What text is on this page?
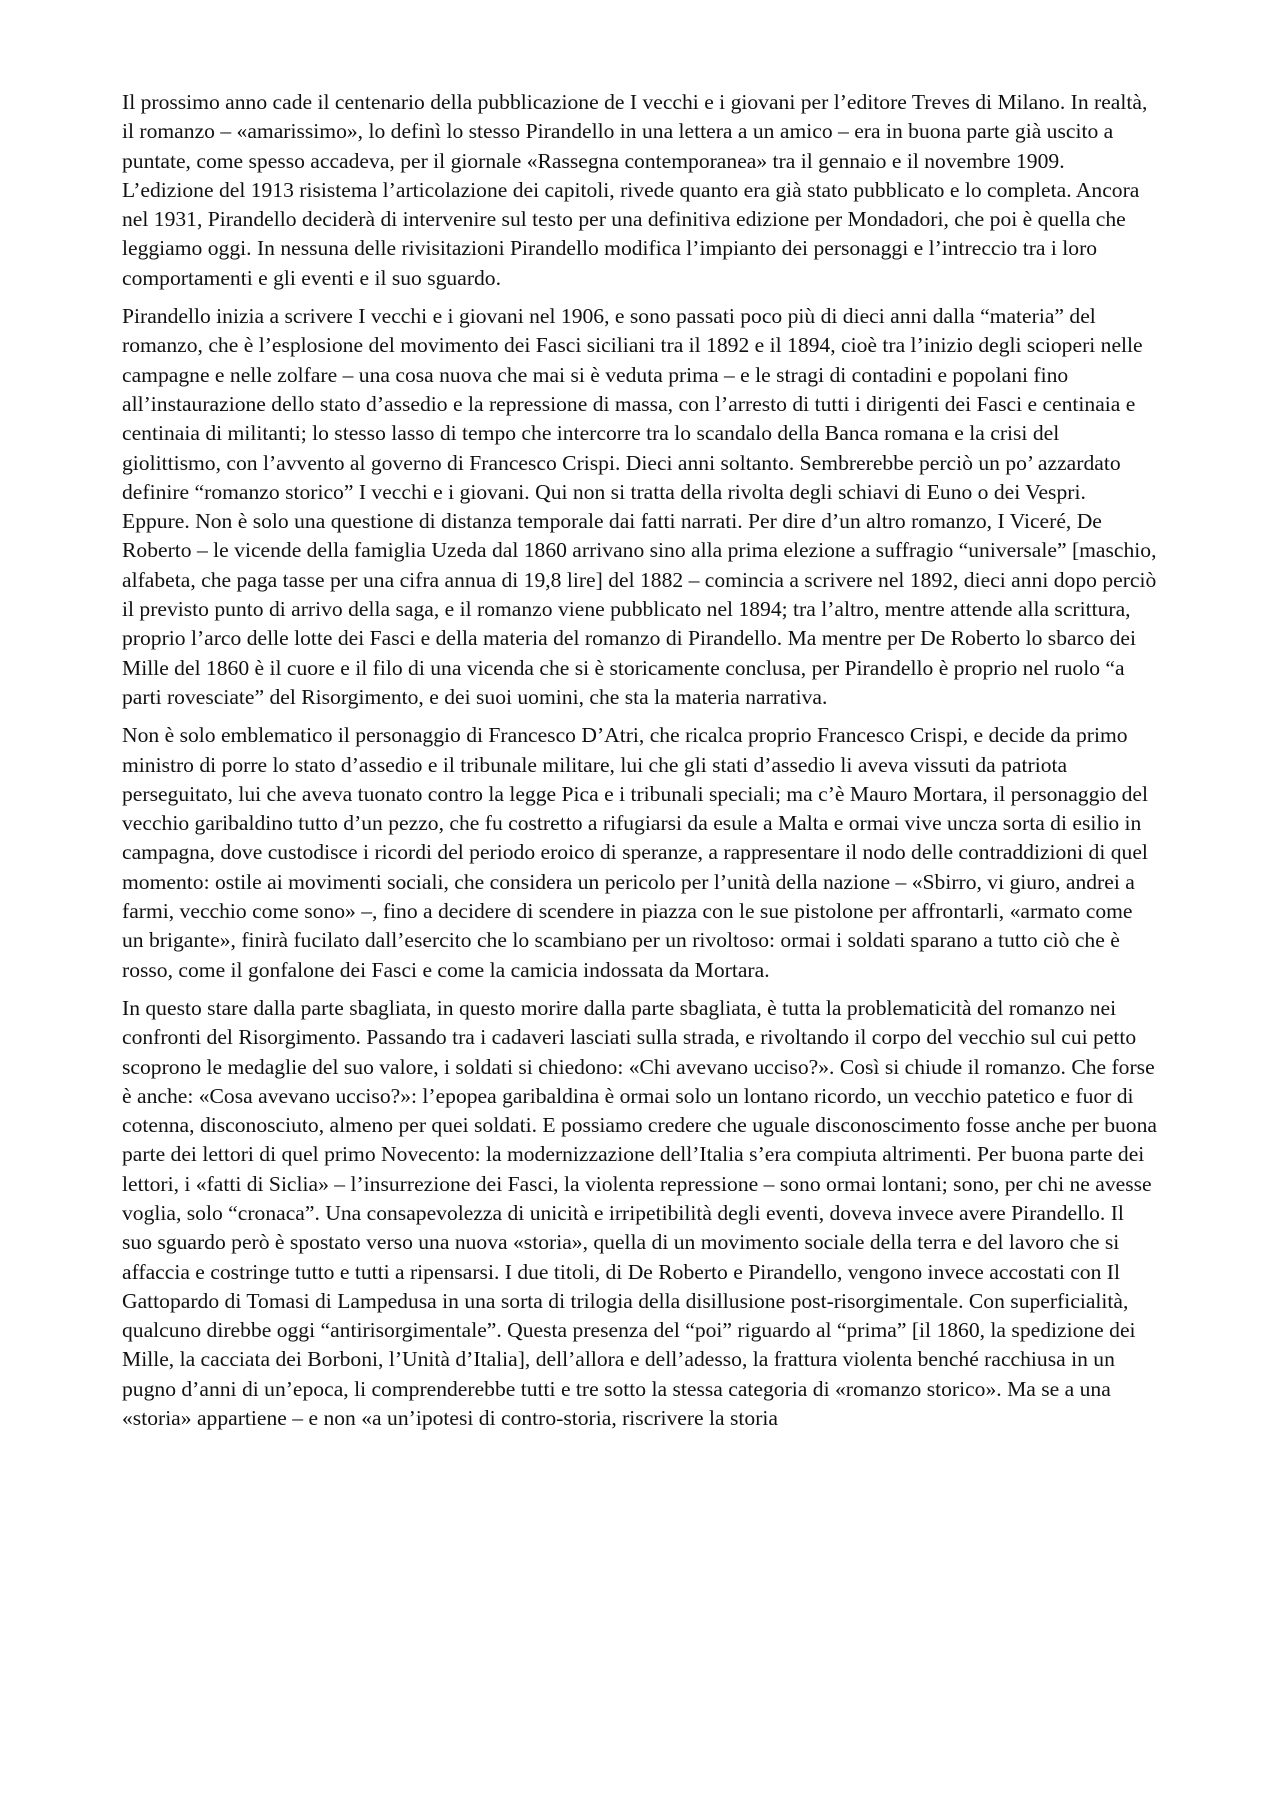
Il prossimo anno cade il centenario della pubblicazione de I vecchi e i giovani per l’editore Treves di Milano. In realtà, il romanzo – «amarissimo», lo definì lo stesso Pirandello in una lettera a un amico – era in buona parte già uscito a puntate, come spesso accadeva, per il giornale «Rassegna contemporanea» tra il gennaio e il novembre 1909. L’edizione del 1913 risistema l’articolazione dei capitoli, rivede quanto era già stato pubblicato e lo completa. Ancora nel 1931, Pirandello deciderà di intervenire sul testo per una definitiva edizione per Mondadori, che poi è quella che leggiamo oggi. In nessuna delle rivisitazioni Pirandello modifica l’impianto dei personaggi e l’intreccio tra i loro comportamenti e gli eventi e il suo sguardo.

Pirandello inizia a scrivere I vecchi e i giovani nel 1906, e sono passati poco più di dieci anni dalla “materia” del romanzo, che è l’esplosione del movimento dei Fasci siciliani tra il 1892 e il 1894, cioè tra l’inizio degli scioperi nelle campagne e nelle zolfare – una cosa nuova che mai si è veduta prima – e le stragi di contadini e popolani fino all’instaurazione dello stato d’assedio e la repressione di massa, con l’arresto di tutti i dirigenti dei Fasci e centinaia e centinaia di militanti; lo stesso lasso di tempo che intercorre tra lo scandalo della Banca romana e la crisi del giolittismo, con l’avvento al governo di Francesco Crispi. Dieci anni soltanto. Sembrerebbe perciò un po’ azzardato definire “romanzo storico” I vecchi e i giovani. Qui non si tratta della rivolta degli schiavi di Euno o dei Vespri. Eppure. Non è solo una questione di distanza temporale dai fatti narrati. Per dire d’un altro romanzo, I Viceré, De Roberto – le vicende della famiglia Uzeda dal 1860 arrivano sino alla prima elezione a suffragio “universale” [maschio, alfabeta, che paga tasse per una cifra annua di 19,8 lire] del 1882 – comincia a scrivere nel 1892, dieci anni dopo perciò il previsto punto di arrivo della saga, e il romanzo viene pubblicato nel 1894; tra l’altro, mentre attende alla scrittura, proprio l’arco delle lotte dei Fasci e della materia del romanzo di Pirandello. Ma mentre per De Roberto lo sbarco dei Mille del 1860 è il cuore e il filo di una vicenda che si è storicamente conclusa, per Pirandello è proprio nel ruolo “a parti rovesciate” del Risorgimento, e dei suoi uomini, che sta la materia narrativa.

Non è solo emblematico il personaggio di Francesco D’Atri, che ricalca proprio Francesco Crispi, e decide da primo ministro di porre lo stato d’assedio e il tribunale militare, lui che gli stati d’assedio li aveva vissuti da patriota perseguitato, lui che aveva tuonato contro la legge Pica e i tribunali speciali; ma c’è Mauro Mortara, il personaggio del vecchio garibaldino tutto d’un pezzo, che fu costretto a rifugiarsi da esule a Malta e ormai vive uncza sorta di esilio in campagna, dove custodisce i ricordi del periodo eroico di speranze, a rappresentare il nodo delle contraddizioni di quel momento: ostile ai movimenti sociali, che considera un pericolo per l’unità della nazione – «Sbirro, vi giuro, andrei a farmi, vecchio come sono» –, fino a decidere di scendere in piazza con le sue pistolone per affrontarli, «armato come un brigante», finirà fucilato dall’esercito che lo scambiano per un rivoltoso: ormai i soldati sparano a tutto ciò che è rosso, come il gonfalone dei Fasci e come la camicia indossata da Mortara.

In questo stare dalla parte sbagliata, in questo morire dalla parte sbagliata, è tutta la problematicità del romanzo nei confronti del Risorgimento. Passando tra i cadaveri lasciati sulla strada, e rivoltando il corpo del vecchio sul cui petto scoprono le medaglie del suo valore, i soldati si chiedono: «Chi avevano ucciso?». Così si chiude il romanzo. Che forse è anche: «Cosa avevano ucciso?»: l’epopea garibaldina è ormai solo un lontano ricordo, un vecchio patetico e fuor di cotenna, disconosciuto, almeno per quei soldati. E possiamo credere che uguale disconoscimento fosse anche per buona parte dei lettori di quel primo Novecento: la modernizzazione dell’Italia s’era compiuta altrimenti. Per buona parte dei lettori, i «fatti di Siclia» – l’insurrezione dei Fasci, la violenta repressione – sono ormai lontani; sono, per chi ne avesse voglia, solo “cronaca”. Una consapevolezza di unicità e irripetibilità degli eventi, doveva invece avere Pirandello. Il suo sguardo però è spostato verso una nuova «storia», quella di un movimento sociale della terra e del lavoro che si affaccia e costringe tutto e tutti a ripensarsi. I due titoli, di De Roberto e Pirandello, vengono invece accostati con Il Gattopardo di Tomasi di Lampedusa in una sorta di trilogia della disillusione post-risorgimentale. Con superficialità, qualcuno direbbe oggi “antirisorgimentale”. Questa presenza del “poi” riguardo al “prima” [il 1860, la spedizione dei Mille, la cacciata dei Borboni, l’Unità d’Italia], dell’allora e dell’adesso, la frattura violenta benché racchiusa in un pugno d’anni di un’epoca, li comprenderebbe tutti e tre sotto la stessa categoria di «romanzo storico». Ma se a una «storia» appartiene – e non «a un’ipotesi di contro-storia, riscrivere la storia
